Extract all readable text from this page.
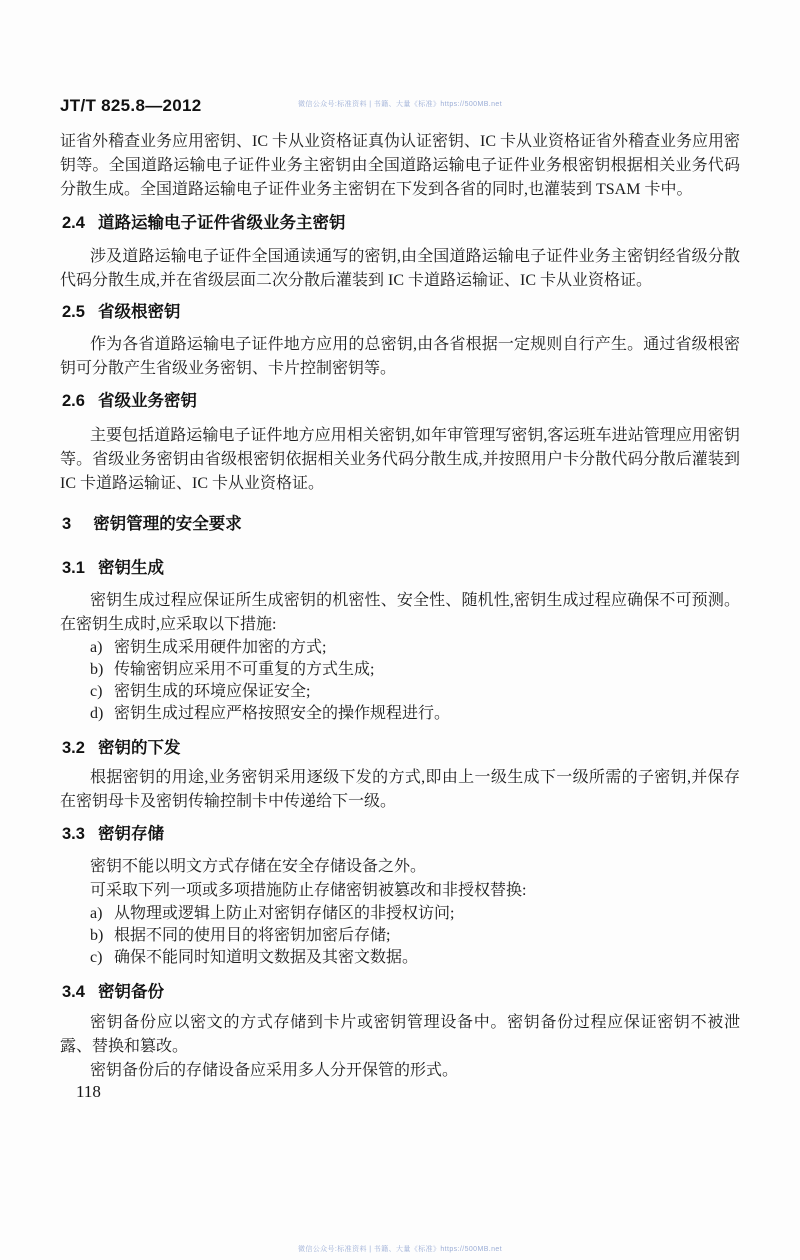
微信公众号:标准资料 | 书籍、大量《标准》https://500MB.net
JT/T 825.8—2012

证省外稽查业务应用密钥、IC 卡从业资格证真伪认证密钥、IC 卡从业资格证省外稽查业务应用密钥等。全国道路运输电子证件业务主密钥由全国道路运输电子证件业务根密钥根据相关业务代码分散生成。全国道路运输电子证件业务主密钥在下发到各省的同时,也灌装到 TSAM 卡中。

2.4 道路运输电子证件省级业务主密钥

涉及道路运输电子证件全国通读通写的密钥,由全国道路运输电子证件业务主密钥经省级分散代码分散生成,并在省级层面二次分散后灌装到 IC 卡道路运输证、IC 卡从业资格证。

2.5 省级根密钥

作为各省道路运输电子证件地方应用的总密钥,由各省根据一定规则自行产生。通过省级根密钥可分散产生省级业务密钥、卡片控制密钥等。

2.6 省级业务密钥

主要包括道路运输电子证件地方应用相关密钥,如年审管理写密钥,客运班车进站管理应用密钥等。省级业务密钥由省级根密钥依据相关业务代码分散生成,并按照用户卡分散代码分散后灌装到 IC 卡道路运输证、IC 卡从业资格证。

3 密钥管理的安全要求
3.1 密钥生成

密钥生成过程应保证所生成密钥的机密性、安全性、随机性,密钥生成过程应确保不可预测。在密钥生成时,应采取以下措施:

a) 密钥生成采用硬件加密的方式;
b) 传输密钥应采用不可重复的方式生成;
c) 密钥生成的环境应保证安全;
d) 密钥生成过程应严格按照安全的操作规程进行。
3.2 密钥的下发

根据密钥的用途,业务密钥采用逐级下发的方式,即由上一级生成下一级所需的子密钥,并保存在密钥母卡及密钥传输控制卡中传递给下一级。

3.3 密钥存储

密钥不能以明文方式存储在安全存储设备之外。

可采取下列一项或多项措施防止存储密钥被篡改和非授权替换:

a) 从物理或逻辑上防止对密钥存储区的非授权访问;
b) 根据不同的使用目的将密钥加密后存储;
c) 确保不能同时知道明文数据及其密文数据。
3.4 密钥备份

密钥备份应以密文的方式存储到卡片或密钥管理设备中。密钥备份过程应保证密钥不被泄露、替换和篡改。

密钥备份后的存储设备应采用多人分开保管的形式。

118
微信公众号:标准资料 | 书籍、大量《标准》https://500MB.net
